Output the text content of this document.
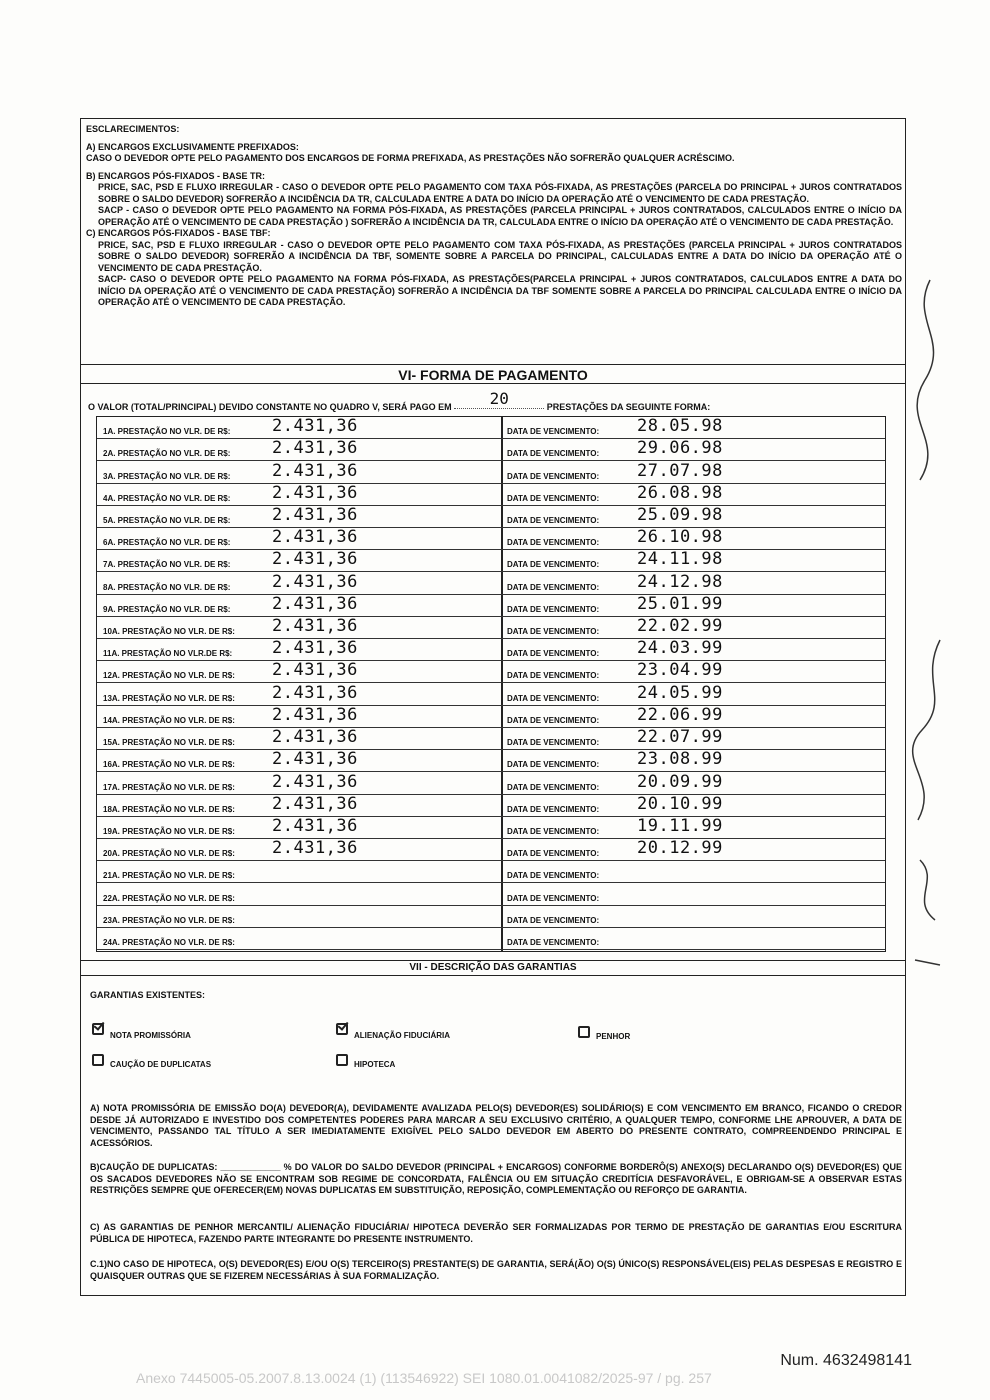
ESCLARECIMENTOS:

A) ENCARGOS EXCLUSIVAMENTE PREFIXADOS:

CASO O DEVEDOR OPTE PELO PAGAMENTO DOS ENCARGOS DE FORMA PREFIXADA, AS PRESTAÇÕES NÃO SOFRERÃO QUALQUER ACRÉSCIMO.

B) ENCARGOS PÓS-FIXADOS - BASE TR:

PRICE, SAC, PSD E FLUXO IRREGULAR - CASO O DEVEDOR OPTE PELO PAGAMENTO COM TAXA PÓS-FIXADA, AS PRESTAÇÕES (PARCELA DO PRINCIPAL + JUROS CONTRATADOS SOBRE O SALDO DEVEDOR) SOFRERÃO A INCIDÊNCIA DA TR, CALCULADA ENTRE A DATA DO INÍCIO DA OPERAÇÃO ATÉ O VENCIMENTO DE CADA PRESTAÇÃO.

SACP - CASO O DEVEDOR OPTE PELO PAGAMENTO NA FORMA PÓS-FIXADA, AS PRESTAÇÕES (PARCELA PRINCIPAL + JUROS CONTRATADOS, CALCULADOS ENTRE O INÍCIO DA OPERAÇÃO ATÉ O VENCIMENTO DE CADA PRESTAÇÃO ) SOFRERÃO A INCIDÊNCIA DA TR, CALCULADA ENTRE O INÍCIO DA OPERAÇÃO ATÉ O VENCIMENTO DE CADA PRESTAÇÃO.

C) ENCARGOS PÓS-FIXADOS - BASE TBF:

PRICE, SAC, PSD E FLUXO IRREGULAR - CASO O DEVEDOR OPTE PELO PAGAMENTO COM TAXA PÓS-FIXADA, AS PRESTAÇÕES (PARCELA PRINCIPAL + JUROS CONTRATADOS SOBRE O SALDO DEVEDOR) SOFRERÃO A INCIDÊNCIA DA TBF, SOMENTE SOBRE A PARCELA DO PRINCIPAL, CALCULADAS ENTRE A DATA DO INÍCIO DA OPERAÇÃO ATÉ O VENCIMENTO DE CADA PRESTAÇÃO.

SACP- CASO O DEVEDOR OPTE PELO PAGAMENTO NA FORMA PÓS-FIXADA, AS PRESTAÇÕES(PARCELA PRINCIPAL + JUROS CONTRATADOS, CALCULADOS ENTRE A DATA DO INÍCIO DA OPERAÇÃO ATÉ O VENCIMENTO DE CADA PRESTAÇÃO) SOFRERÃO A INCIDÊNCIA DA TBF SOMENTE SOBRE A PARCELA DO PRINCIPAL CALCULADA ENTRE O INÍCIO DA OPERAÇÃO ATÉ O VENCIMENTO DE CADA PRESTAÇÃO.

VI- FORMA DE PAGAMENTO
O VALOR (TOTAL/PRINCIPAL) DEVIDO CONSTANTE NO QUADRO V, SERÁ PAGO EM 20	PRESTAÇÕES DA SEGUINTE FORMA:
1A. PRESTAÇÃO NO VLR. DE R$: 2.431,36	DATA DE VENCIMENTO: 28.05.98
2A. PRESTAÇÃO NO VLR. DE R$: 2.431,36	DATA DE VENCIMENTO: 29.06.98
3A. PRESTAÇÃO NO VLR. DE R$: 2.431,36	DATA DE VENCIMENTO: 27.07.98
4A. PRESTAÇÃO NO VLR. DE R$: 2.431,36	DATA DE VENCIMENTO: 26.08.98
5A. PRESTAÇÃO NO VLR. DE R$: 2.431,36	DATA DE VENCIMENTO: 25.09.98
6A. PRESTAÇÃO NO VLR. DE R$: 2.431,36	DATA DE VENCIMENTO: 26.10.98
7A. PRESTAÇÃO NO VLR. DE R$: 2.431,36	DATA DE VENCIMENTO: 24.11.98
8A. PRESTAÇÃO NO VLR. DE R$: 2.431,36	DATA DE VENCIMENTO: 24.12.98
9A. PRESTAÇÃO NO VLR. DE R$: 2.431,36	DATA DE VENCIMENTO: 25.01.99
10A. PRESTAÇÃO NO VLR. DE R$: 2.431,36	DATA DE VENCIMENTO: 22.02.99
11A. PRESTAÇÃO NO VLR.DE R$: 2.431,36	DATA DE VENCIMENTO: 24.03.99
12A. PRESTAÇÃO NO VLR. DE R$: 2.431,36	DATA DE VENCIMENTO: 23.04.99
13A. PRESTAÇÃO NO VLR. DE R$: 2.431,36	DATA DE VENCIMENTO: 24.05.99
14A. PRESTAÇÃO NO VLR. DE R$: 2.431,36	DATA DE VENCIMENTO: 22.06.99
15A. PRESTAÇÃO NO VLR. DE R$: 2.431,36	DATA DE VENCIMENTO: 22.07.99
16A. PRESTAÇÃO NO VLR. DE R$: 2.431,36	DATA DE VENCIMENTO: 23.08.99
17A. PRESTAÇÃO NO VLR. DE R$: 2.431,36	DATA DE VENCIMENTO: 20.09.99
18A. PRESTAÇÃO NO VLR. DE R$: 2.431,36	DATA DE VENCIMENTO: 20.10.99
19A. PRESTAÇÃO NO VLR. DE R$: 2.431,36	DATA DE VENCIMENTO: 19.11.99
20A. PRESTAÇÃO NO VLR. DE R$: 2.431,36	DATA DE VENCIMENTO: 20.12.99
21A. PRESTAÇÃO NO VLR. DE R$:	DATA DE VENCIMENTO:
22A. PRESTAÇÃO NO VLR. DE R$:	DATA DE VENCIMENTO:
23A. PRESTAÇÃO NO VLR. DE R$:	DATA DE VENCIMENTO:
24A. PRESTAÇÃO NO VLR. DE R$:	DATA DE VENCIMENTO:
VII - DESCRIÇÃO DAS GARANTIAS
GARANTIAS EXISTENTES:
NOTA PROMISSÓRIA	ALIENAÇÃO FIDUCIÁRIA	PENHOR
CAUÇÃO DE DUPLICATAS	HIPOTECA
A) NOTA PROMISSÓRIA DE EMISSÃO DO(A) DEVEDOR(A), DEVIDAMENTE AVALIZADA PELO(S) DEVEDOR(ES) SOLIDÁRIO(S) E COM VENCIMENTO EM BRANCO, FICANDO O CREDOR DESDE JÁ AUTORIZADO E INVESTIDO DOS COMPETENTES PODERES PARA MARCAR A SEU EXCLUSIVO CRITÉRIO, A QUALQUER TEMPO, CONFORME LHE APROUVER, A DATA DE VENCIMENTO, PASSANDO TAL TÍTULO A SER IMEDIATAMENTE EXIGÍVEL PELO SALDO DEVEDOR EM ABERTO DO PRESENTE CONTRATO, COMPREENDENDO PRINCIPAL E ACESSÓRIOS.
B)CAUÇÃO DE DUPLICATAS: ____________ % DO VALOR DO SALDO DEVEDOR (PRINCIPAL + ENCARGOS) CONFORME BORDERÔ(S) ANEXO(S) DECLARANDO O(S) DEVEDOR(ES) QUE OS SACADOS DEVEDORES NÃO SE ENCONTRAM SOB REGIME DE CONCORDATA, FALÊNCIA OU EM SITUAÇÃO CREDITÍCIA DESFAVORÁVEL, E OBRIGAM-SE A OBSERVAR ESTAS RESTRIÇÕES SEMPRE QUE OFERECER(EM) NOVAS DUPLICATAS EM SUBSTITUIÇÃO, REPOSIÇÃO, COMPLEMENTAÇÃO OU REFORÇO DE GARANTIA.
C) AS GARANTIAS DE PENHOR MERCANTIL/ ALIENAÇÃO FIDUCIÁRIA/ HIPOTECA DEVERÃO SER FORMALIZADAS POR TERMO DE PRESTAÇÃO DE GARANTIAS E/OU ESCRITURA PÚBLICA DE HIPOTECA, FAZENDO PARTE INTEGRANTE DO PRESENTE INSTRUMENTO.
C.1)NO CASO DE HIPOTECA, O(S) DEVEDOR(ES) E/OU O(S) TERCEIRO(S) PRESTANTE(S) DE GARANTIA, SERÁ(ÃO) O(S) ÚNICO(S) RESPONSÁVEL(EIS) PELAS DESPESAS E REGISTRO E QUAISQUER OUTRAS QUE SE FIZEREM NECESSÁRIAS À SUA FORMALIZAÇÃO.
Num. 4632498141
Anexo 7445005-05.2007.8.13.0024 (1) (113546922) SEI 1080.01.0041082/2025-97 / pg. 257
